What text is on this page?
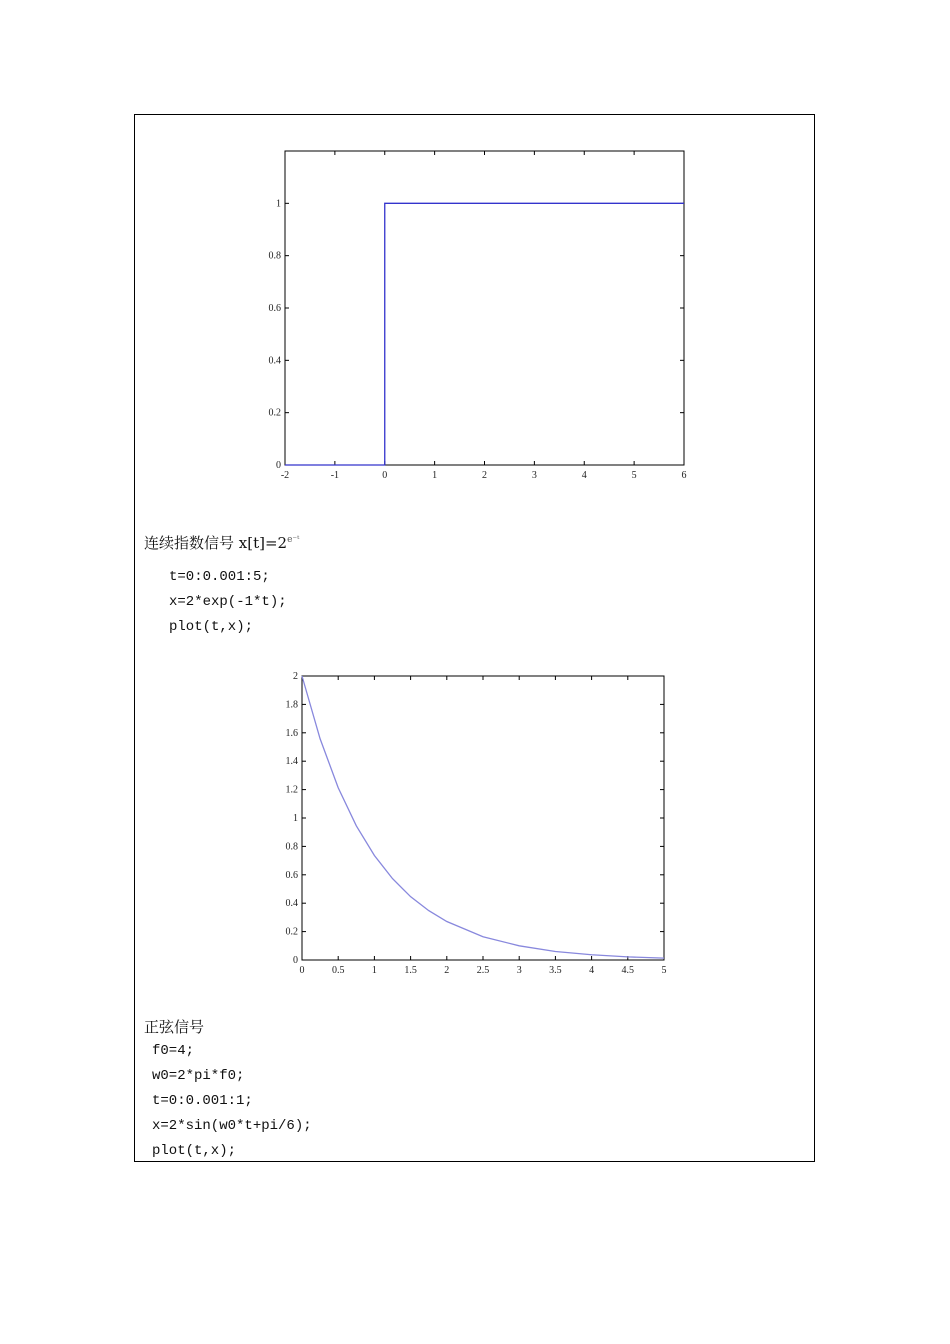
-2	-1	0	1	2	3	4	5	6
0
0.2
0.4
0.6
0.8
1
连续指数信号 $x[t]=2^{e^-ᵗ}$
t=0:0.001:5;
x=2*exp(-1*t);
plot(t,x);
0	0.5	1	1.5	2	2.5	3	3.5	4	4.5	5
0
0.2
0.4
0.6
0.8
1
1.2
1.4
1.6
1.8
2
正弦信号
f0=4;
w0=2*pi*f0;
t=0:0.001:1;
x=2*sin(w0*t+pi/6);
plot(t,x);
